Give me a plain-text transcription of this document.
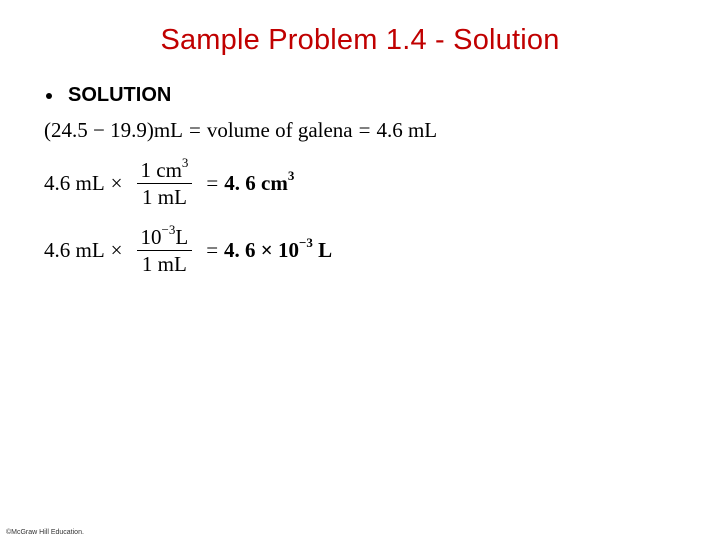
Sample Problem 1.4 - Solution
SOLUTION
(24.5 − 19.9)mL = volume of galena = 4.6 mL
4.6 mL × $\frac{1 cm^3}{1 mL} = 4$. 6 $cm^3$
4.6 mL × $\frac{10^{-3}L}{1 mL} = 4$. $6 \times 10^{-3}$ L
©McGraw Hill Education.
